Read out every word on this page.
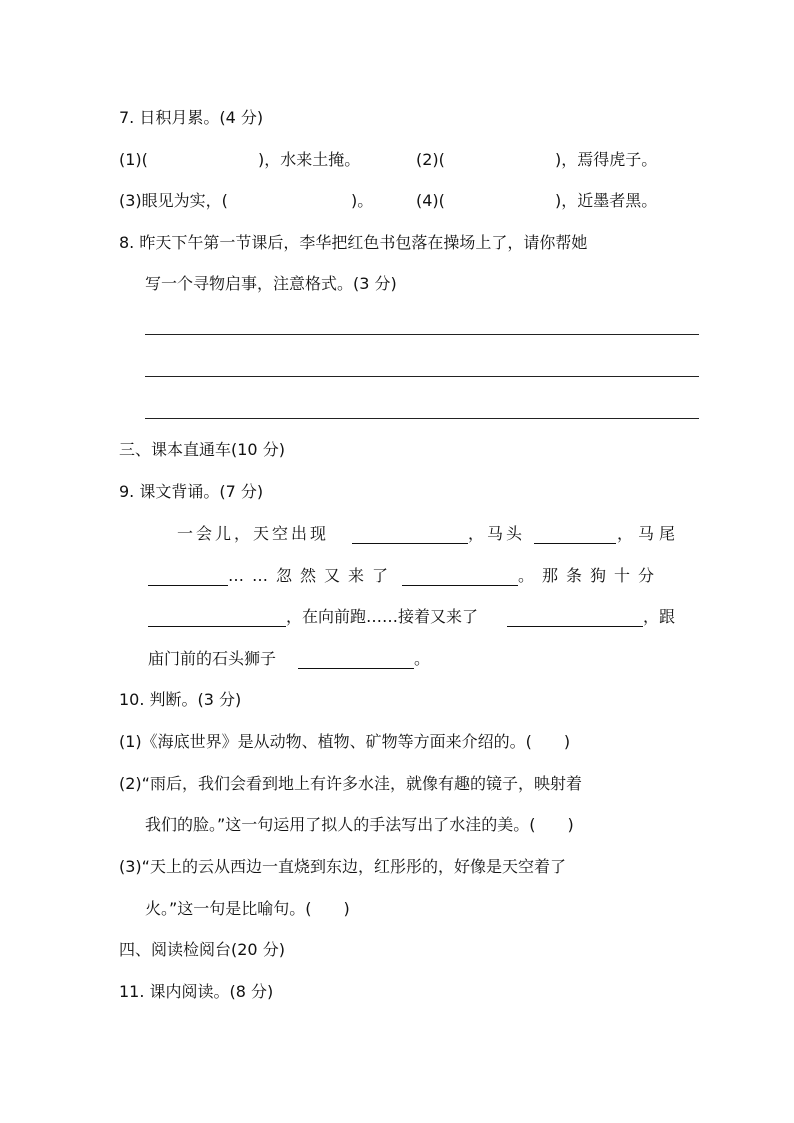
7. 日积月累。(4 分)
(1)(	)，水来土掩。	(2)(	)，焉得虎子。
(3)眼见为实，(	)。	(4)(	)，近墨者黑。
8. 昨天下午第一节课后，李华把红色书包落在操场上了，请你帮她
写一个寻物启事，注意格式。(3 分)
三、课本直通车(10 分)
9. 课文背诵。(7 分)
一会儿，天空出现	，马头	，马尾
……忽然又来了	。那条狗十分
，在向前跑……接着又来了	，跟
庙门前的石头狮子	。
10. 判断。(3 分)
(1)《海底世界》是从动物、植物、矿物等方面来介绍的。(　　)
(2)“雨后，我们会看到地上有许多水洼，就像有趣的镜子，映射着
我们的脸。”这一句运用了拟人的手法写出了水洼的美。(　　)
(3)“天上的云从西边一直烧到东边，红彤彤的，好像是天空着了
火。”这一句是比喻句。(　　)
四、阅读检阅台(20 分)
11. 课内阅读。(8 分)
